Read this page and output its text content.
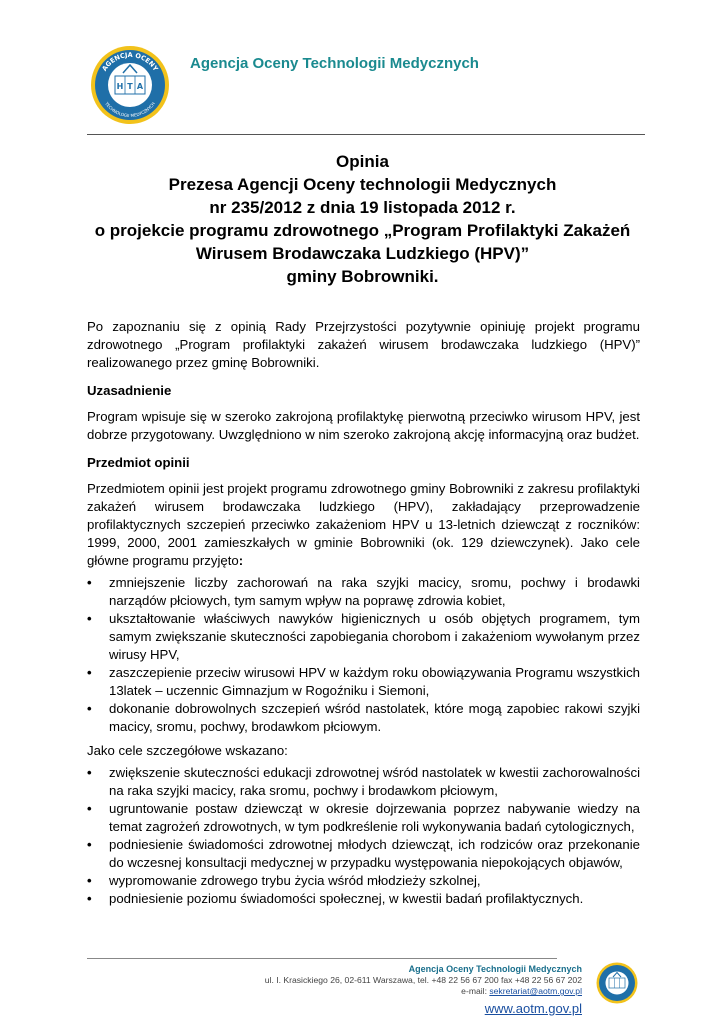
AGENCJA OCENY
TECHNOLOGII MEDYCZNYCH
H T A
Agencja Oceny Technologii Medycznych
Opinia
Prezesa Agencji Oceny technologii Medycznych
nr 235/2012 z dnia 19 listopada 2012 r.
o projekcie programu zdrowotnego „Program Profilaktyki Zakażeń
Wirusem Brodawczaka Ludzkiego (HPV)”
gminy Bobrowniki.

Po zapoznaniu się z opinią Rady Przejrzystości pozytywnie opiniuję projekt programu zdrowotnego „Program profilaktyki zakażeń wirusem brodawczaka ludzkiego (HPV)” realizowanego przez gminę Bobrowniki.

Uzasadnienie

Program wpisuje się w szeroko zakrojoną profilaktykę pierwotną przeciwko wirusom HPV, jest dobrze przygotowany. Uwzględniono w nim szeroko zakrojoną akcję informacyjną oraz budżet.

Przedmiot opinii

Przedmiotem opinii jest projekt programu zdrowotnego gminy Bobrowniki z zakresu profilaktyki zakażeń wirusem brodawczaka ludzkiego (HPV), zakładający przeprowadzenie profilaktycznych szczepień przeciwko zakażeniom HPV u 13-letnich dziewcząt z roczników: 1999, 2000, 2001 zamieszkałych w gminie Bobrowniki (ok. 129 dziewczynek). Jako cele główne programu przyjęto:

• zmniejszenie liczby zachorowań na raka szyjki macicy, sromu, pochwy i brodawki narządów płciowych, tym samym wpływ na poprawę zdrowia kobiet,
• ukształtowanie właściwych nawyków higienicznych u osób objętych programem, tym samym zwiększanie skuteczności zapobiegania chorobom i zakażeniom wywołanym przez wirusy HPV,
• zaszczepienie przeciw wirusowi HPV w każdym roku obowiązywania Programu wszystkich 13latek – uczennic Gimnazjum w Rogoźniku i Siemoni,
• dokonanie dobrowolnych szczepień wśród nastolatek, które mogą zapobiec rakowi szyjki macicy, sromu, pochwy, brodawkom płciowym.

Jako cele szczegółowe wskazano:

• zwiększenie skuteczności edukacji zdrowotnej wśród nastolatek w kwestii zachorowalności na raka szyjki macicy, raka sromu, pochwy i brodawkom płciowym,
• ugruntowanie postaw dziewcząt w okresie dojrzewania poprzez nabywanie wiedzy na temat zagrożeń zdrowotnych, w tym podkreślenie roli wykonywania badań cytologicznych,
• podniesienie świadomości zdrowotnej młodych dziewcząt, ich rodziców oraz przekonanie do wczesnej konsultacji medycznej w przypadku występowania niepokojących objawów,
• wypromowanie zdrowego trybu życia wśród młodzieży szkolnej,
• podniesienie poziomu świadomości społecznej, w kwestii badań profilaktycznych.
Agencja Oceny Technologii Medycznych
ul. I. Krasickiego 26, 02-611 Warszawa, tel. +48 22 56 67 200 fax +48 22 56 67 202
e-mail: sekretariat@aotm.gov.pl
www.aotm.gov.pl
